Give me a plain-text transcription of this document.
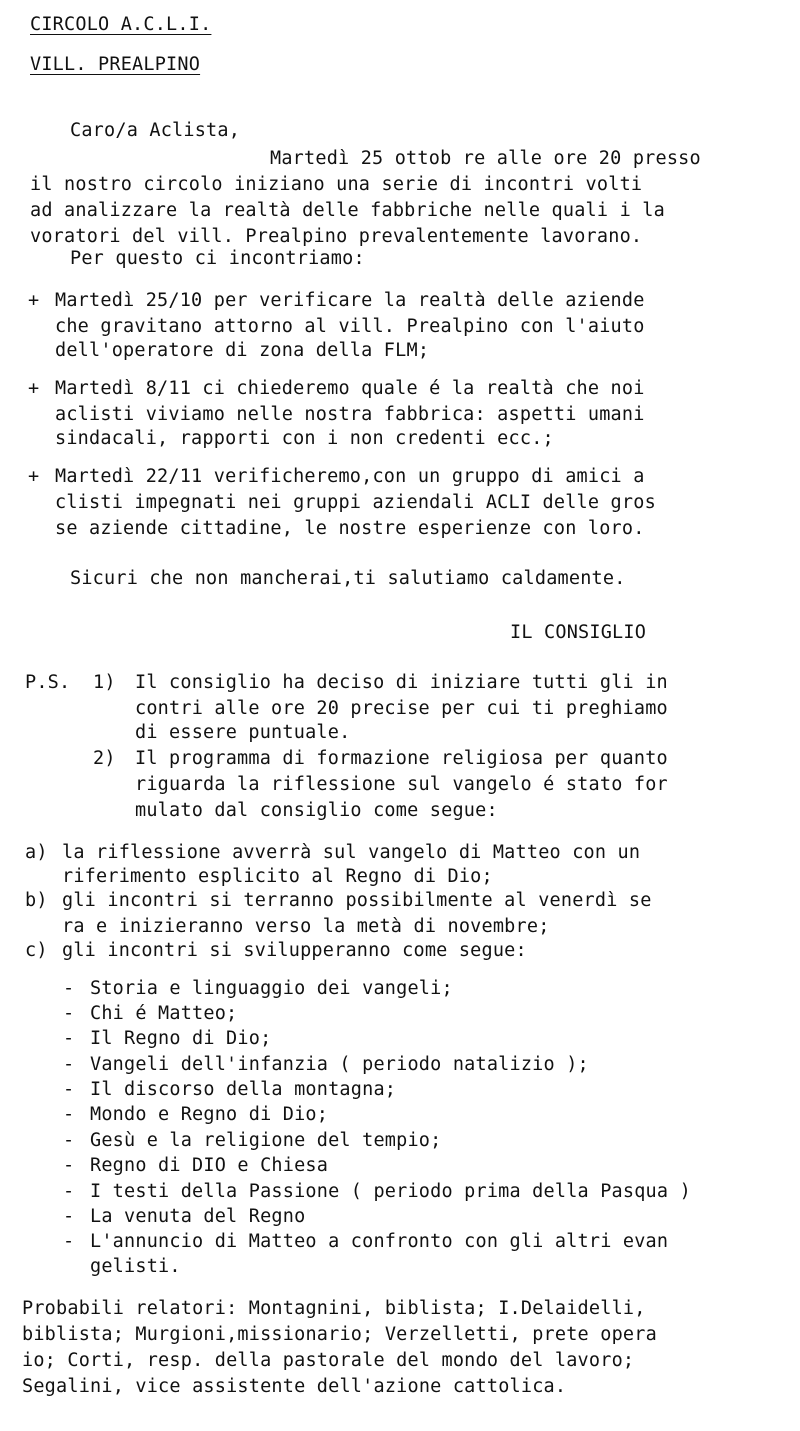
CIRCOLO A.C.L.I.
VILL. PREALPINO
Caro/a Aclista,
Martedì 25 ottob re alle ore 20 presso
il nostro circolo iniziano una serie di incontri volti
ad analizzare la realtà delle fabbriche nelle quali i la
voratori del vill. Prealpino prevalentemente lavorano.
Per questo ci incontriamo:
+ Martedì 25/10 per verificare la realtà delle aziende
che gravitano attorno al vill. Prealpino con l'aiuto
dell'operatore di zona della FLM;
+ Martedì 8/11 ci chiederemo quale é la realtà che noi
aclisti viviamo nelle nostra fabbrica: aspetti umani
sindacali, rapporti con i non credenti ecc.;
+ Martedì 22/11 verificheremo,con un gruppo di amici a
clisti impegnati nei gruppi aziendali ACLI delle gros
se aziende cittadine, le nostre esperienze con loro.
Sicuri che non mancherai,ti salutiamo caldamente.
IL CONSIGLIO
P.S. 1) Il consiglio ha deciso di iniziare tutti gli in
contri alle ore 20 precise per cui ti preghiamo
di essere puntuale.
2) Il programma di formazione religiosa per quanto
riguarda la riflessione sul vangelo é stato for
mulato dal consiglio come segue:
a) la riflessione avverrà sul vangelo di Matteo con un
riferimento esplicito al Regno di Dio;
b) gli incontri si terranno possibilmente al venerdì se
ra e inizieranno verso la metà di novembre;
c) gli incontri si svilupperanno come segue:
- Storia e linguaggio dei vangeli;
- Chi é Matteo;
- Il Regno di Dio;
- Vangeli dell'infanzia ( periodo natalizio );
- Il discorso della montagna;
- Mondo e Regno di Dio;
- Gesù e la religione del tempio;
- Regno di DIO e Chiesa
- I testi della Passione ( periodo prima della Pasqua )
- La venuta del Regno
- L'annuncio di Matteo a confronto con gli altri evan
gelisti.
Probabili relatori: Montagnini, biblista; I.Delaidelli,
biblista; Murgioni,missionario; Verzelletti, prete opera
io; Corti, resp. della pastorale del mondo del lavoro;
Segalini, vice assistente dell'azione cattolica.
